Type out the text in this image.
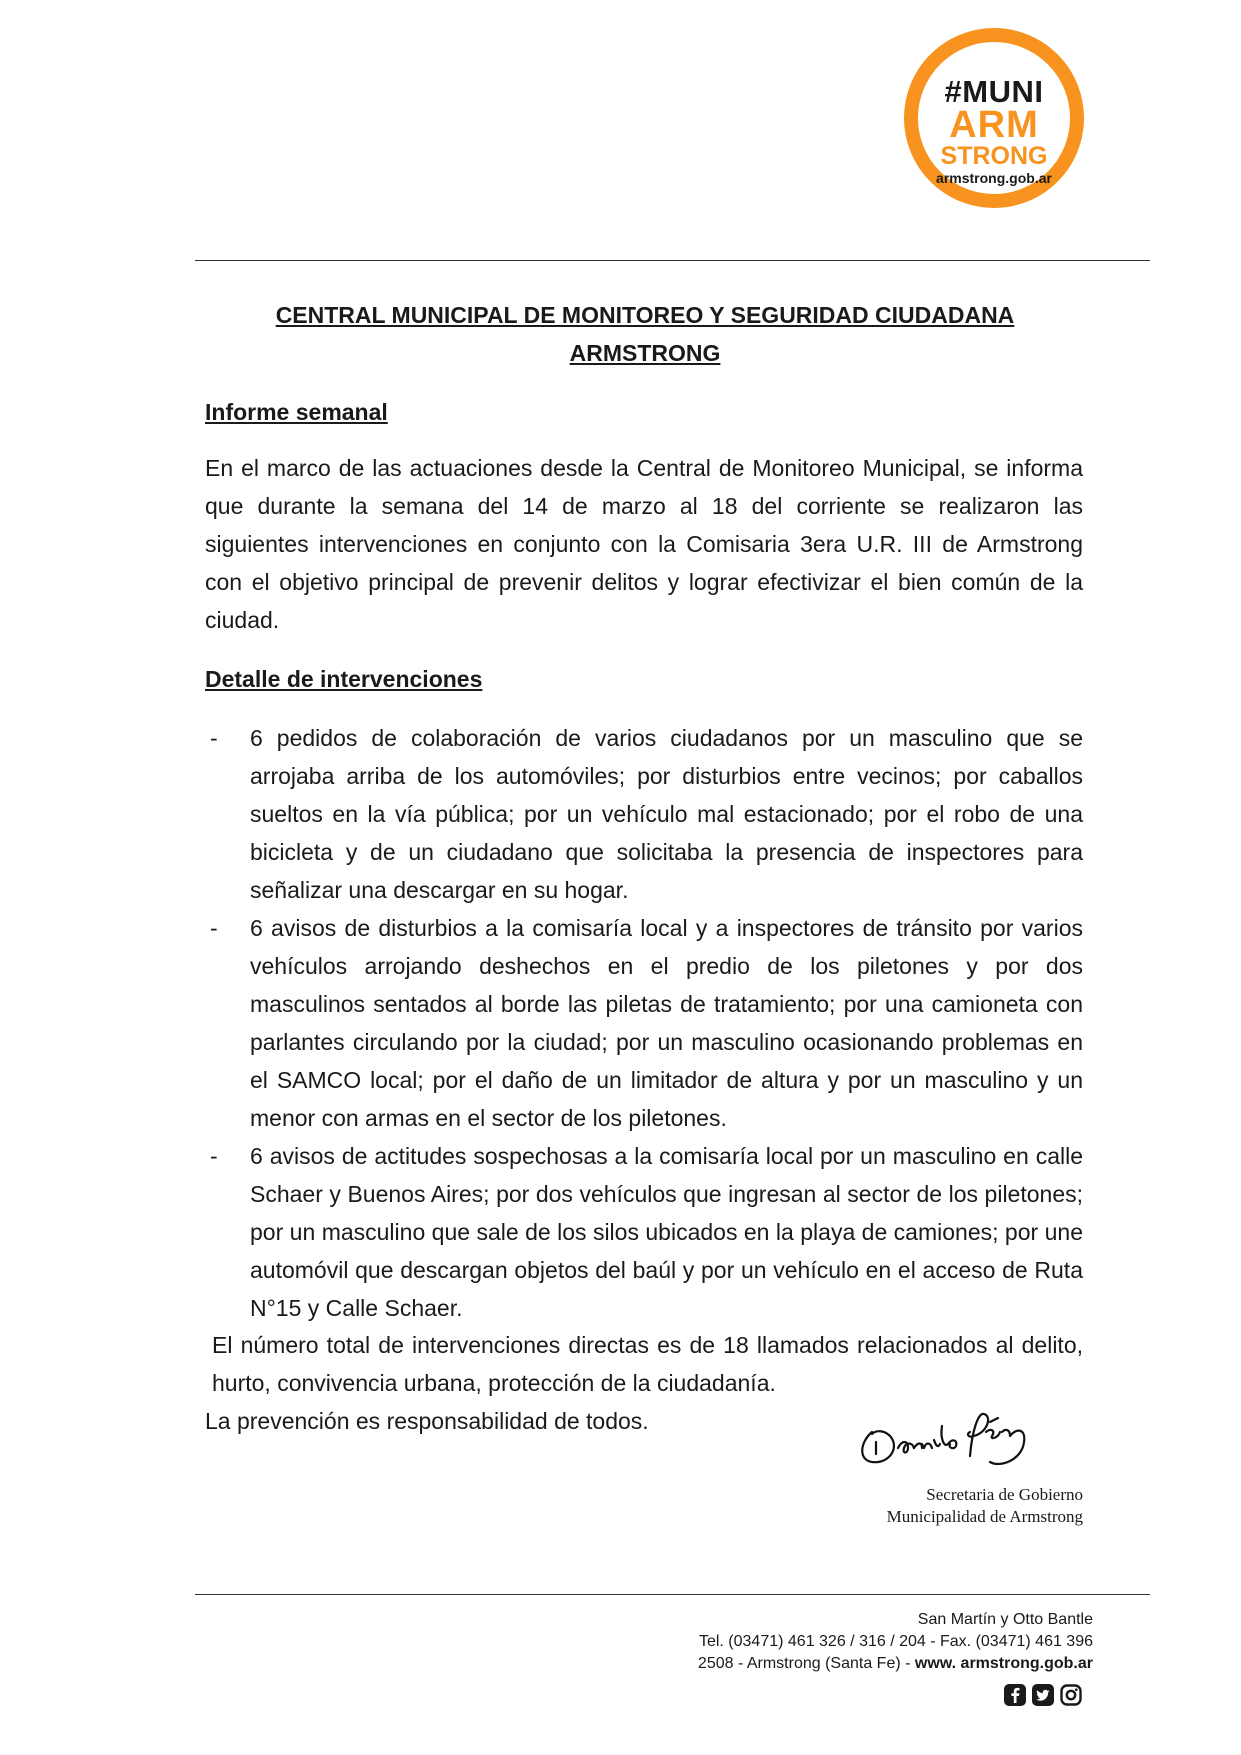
#MUNI
ARM
STRONG
armstrong.gob.ar
CENTRAL MUNICIPAL DE MONITOREO Y SEGURIDAD CIUDADANA
ARMSTRONG
Informe semanal

En el marco de las actuaciones desde la Central de Monitoreo Municipal, se informa que durante la semana del 14 de marzo al 18 del corriente se realizaron las siguientes intervenciones en conjunto con la Comisaria 3era U.R. III de Armstrong con el objetivo principal de prevenir delitos y lograr efectivizar el bien común de la ciudad.

Detalle de intervenciones
- 6 pedidos de colaboración de varios ciudadanos por un masculino que se arrojaba arriba de los automóviles; por disturbios entre vecinos; por caballos sueltos en la vía pública; por un vehículo mal estacionado; por el robo de una bicicleta y de un ciudadano que solicitaba la presencia de inspectores para señalizar una descargar en su hogar.
- 6 avisos de disturbios a la comisaría local y a inspectores de tránsito por varios vehículos arrojando deshechos en el predio de los piletones y por dos masculinos sentados al borde las piletas de tratamiento; por una camioneta con parlantes circulando por la ciudad; por un masculino ocasionando problemas en el SAMCO local; por el daño de un limitador de altura y por un masculino y un menor con armas en el sector de los piletones.
- 6 avisos de actitudes sospechosas a la comisaría local por un masculino en calle Schaer y Buenos Aires; por dos vehículos que ingresan al sector de los piletones; por un masculino que sale de los silos ubicados en la playa de camiones; por une automóvil que descargan objetos del baúl y por un vehículo en el acceso de Ruta N°15 y Calle Schaer.

El número total de intervenciones directas es de 18 llamados relacionados al delito, hurto, convivencia urbana, protección de la ciudadanía.

La prevención es responsabilidad de todos.

Secretaria de Gobierno
Municipalidad de Armstrong
San Martín y Otto Bantle
Tel. (03471) 461 326 / 316 / 204 - Fax. (03471) 461 396
2508 - Armstrong (Santa Fe) - www. armstrong.gob.ar
